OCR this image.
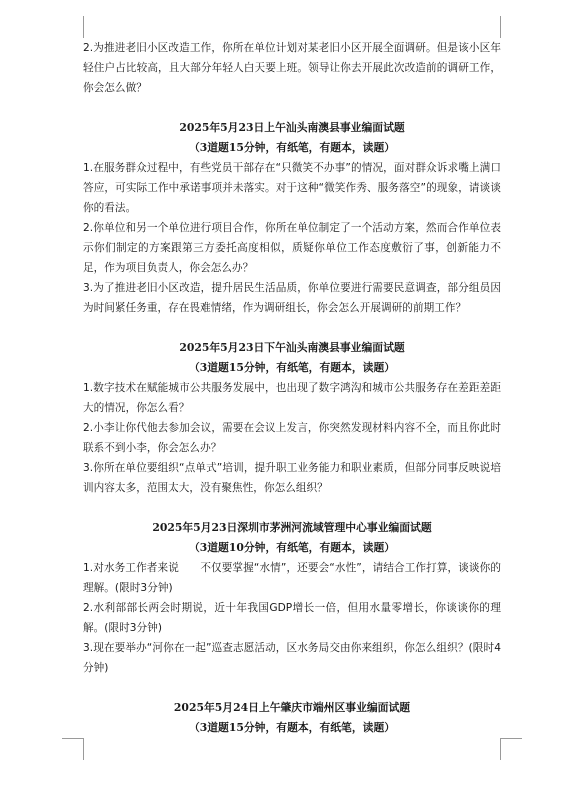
2.为推进老旧小区改造工作，你所在单位计划对某老旧小区开展全面调研。但是该小区年轻住户占比较高，且大部分年轻人白天要上班。领导让你去开展此次改造前的调研工作，你会怎么做？

2025年5月23日上午汕头南澳县事业编面试题

（3道题15分钟，有纸笔，有题本，读题）

1.在服务群众过程中，有些党员干部存在“只微笑不办事”的情况，面对群众诉求嘴上满口答应，可实际工作中承诺事项并未落实。对于这种“微笑作秀、服务落空”的现象，请谈谈你的看法。

2.你单位和另一个单位进行项目合作，你所在单位制定了一个活动方案，然而合作单位表示你们制定的方案跟第三方委托高度相似，质疑你单位工作态度敷衍了事，创新能力不足，作为项目负责人，你会怎么办？

3.为了推进老旧小区改造，提升居民生活品质，你单位要进行需要民意调查，部分组员因为时间紧任务重，存在畏难情绪，作为调研组长，你会怎么开展调研的前期工作？

2025年5月23日下午汕头南澳县事业编面试题

（3道题15分钟，有纸笔，有题本，读题）

1.数字技术在赋能城市公共服务发展中，也出现了数字鸿沟和城市公共服务存在差距差距大的情况，你怎么看？

2.小李让你代他去参加会议，需要在会议上发言，你突然发现材料内容不全，而且你此时联系不到小李，你会怎么办？

3.你所在单位要组织“点单式”培训，提升职工业务能力和职业素质，但部分同事反映说培训内容太多，范围太大，没有聚焦性，你怎么组织？

2025年5月23日深圳市茅洲河流域管理中心事业编面试题

（3道题10分钟，有纸笔，有题本，读题）

1.对水务工作者来说　　不仅要掌握“水情”，还要会“水性”，请结合工作打算，谈谈你的理解。(限时3分钟)

2.水利部部长两会时期说，近十年我国GDP增长一倍，但用水量零增长，你谈谈你的理解。(限时3分钟)

3.现在要举办“河你在一起”巡查志愿活动，区水务局交由你来组织，你怎么组织？(限时4分钟)

2025年5月24日上午肇庆市端州区事业编面试题

（3道题15分钟，有题本，有纸笔，读题）
